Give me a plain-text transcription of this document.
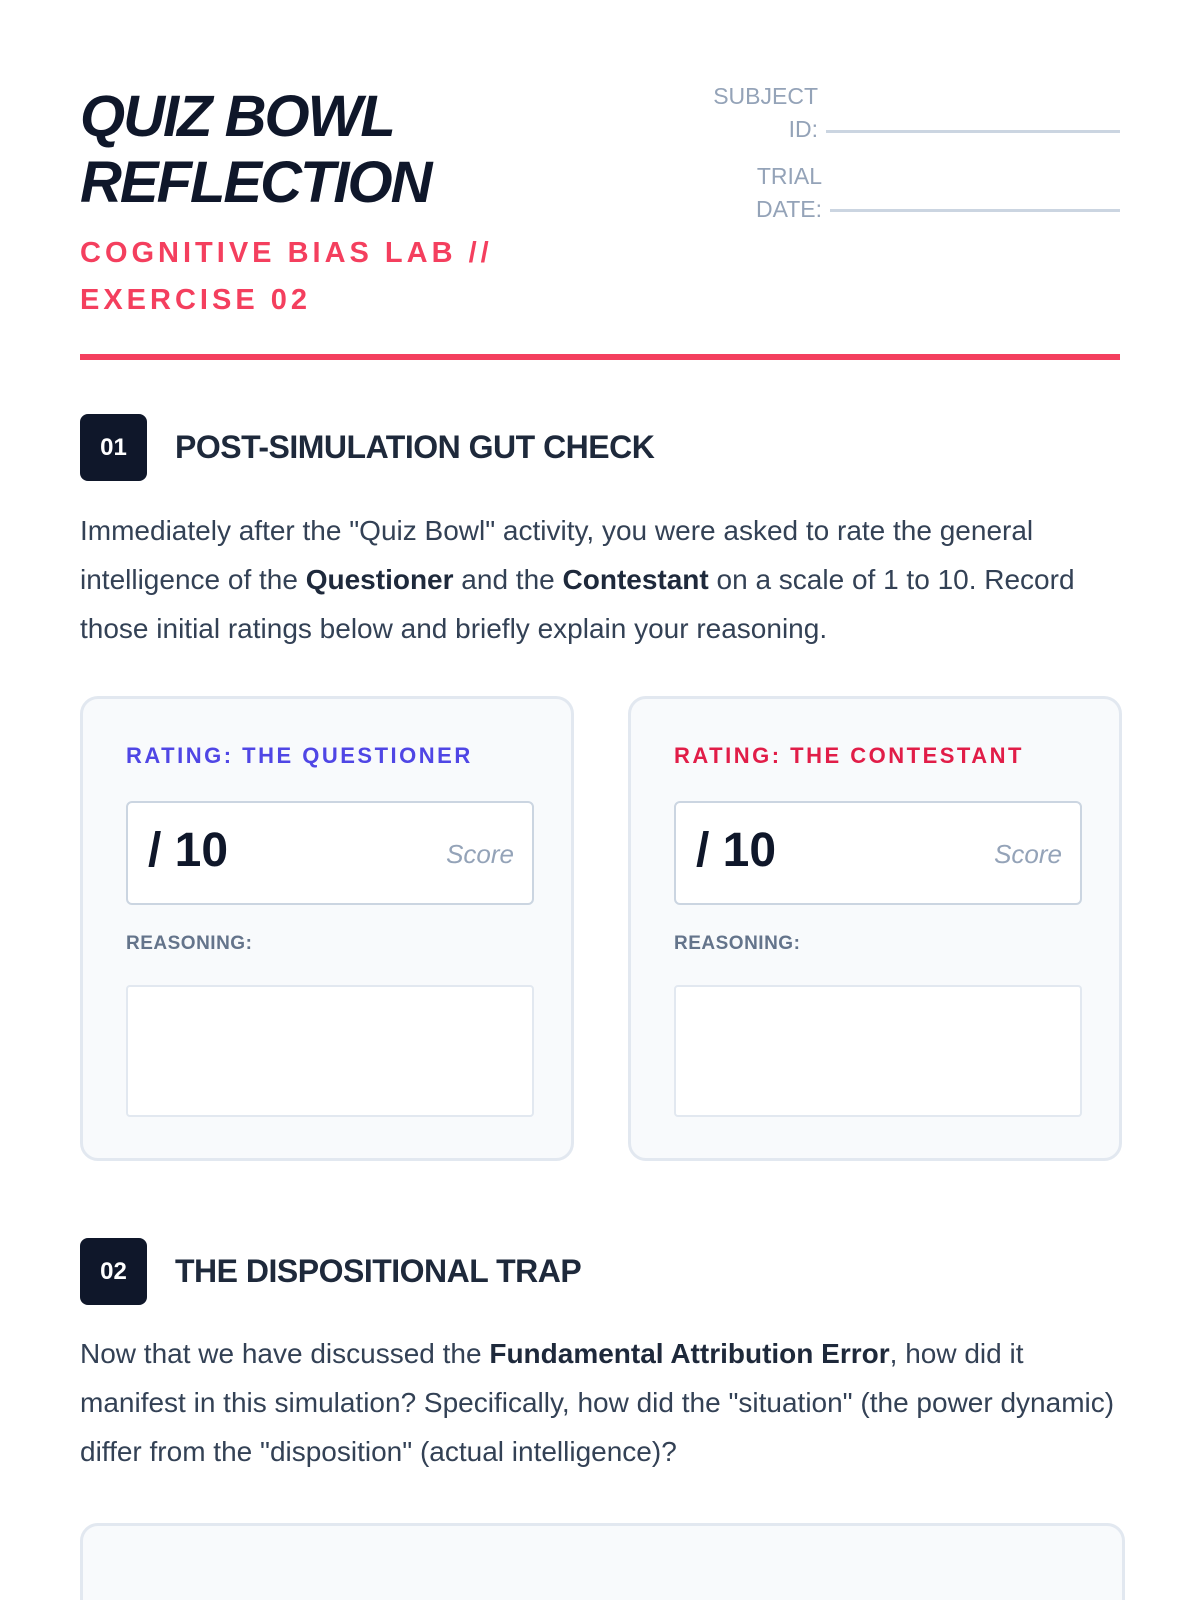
QUIZ BOWL
REFLECTION
COGNITIVE BIAS LAB // EXERCISE 02
SUBJECT ID:
TRIAL DATE:
01	POST-SIMULATION GUT CHECK

Immediately after the "Quiz Bowl" activity, you were asked to rate the general intelligence of the Questioner and the Contestant on a scale of 1 to 10. Record those initial ratings below and briefly explain your reasoning.

RATING: THE QUESTIONER
/ 10	Score
REASONING:
RATING: THE CONTESTANT
/ 10	Score
REASONING:
02	THE DISPOSITIONAL TRAP

Now that we have discussed the Fundamental Attribution Error, how did it manifest in this simulation? Specifically, how did the "situation" (the power dynamic) differ from the "disposition" (actual intelligence)?
